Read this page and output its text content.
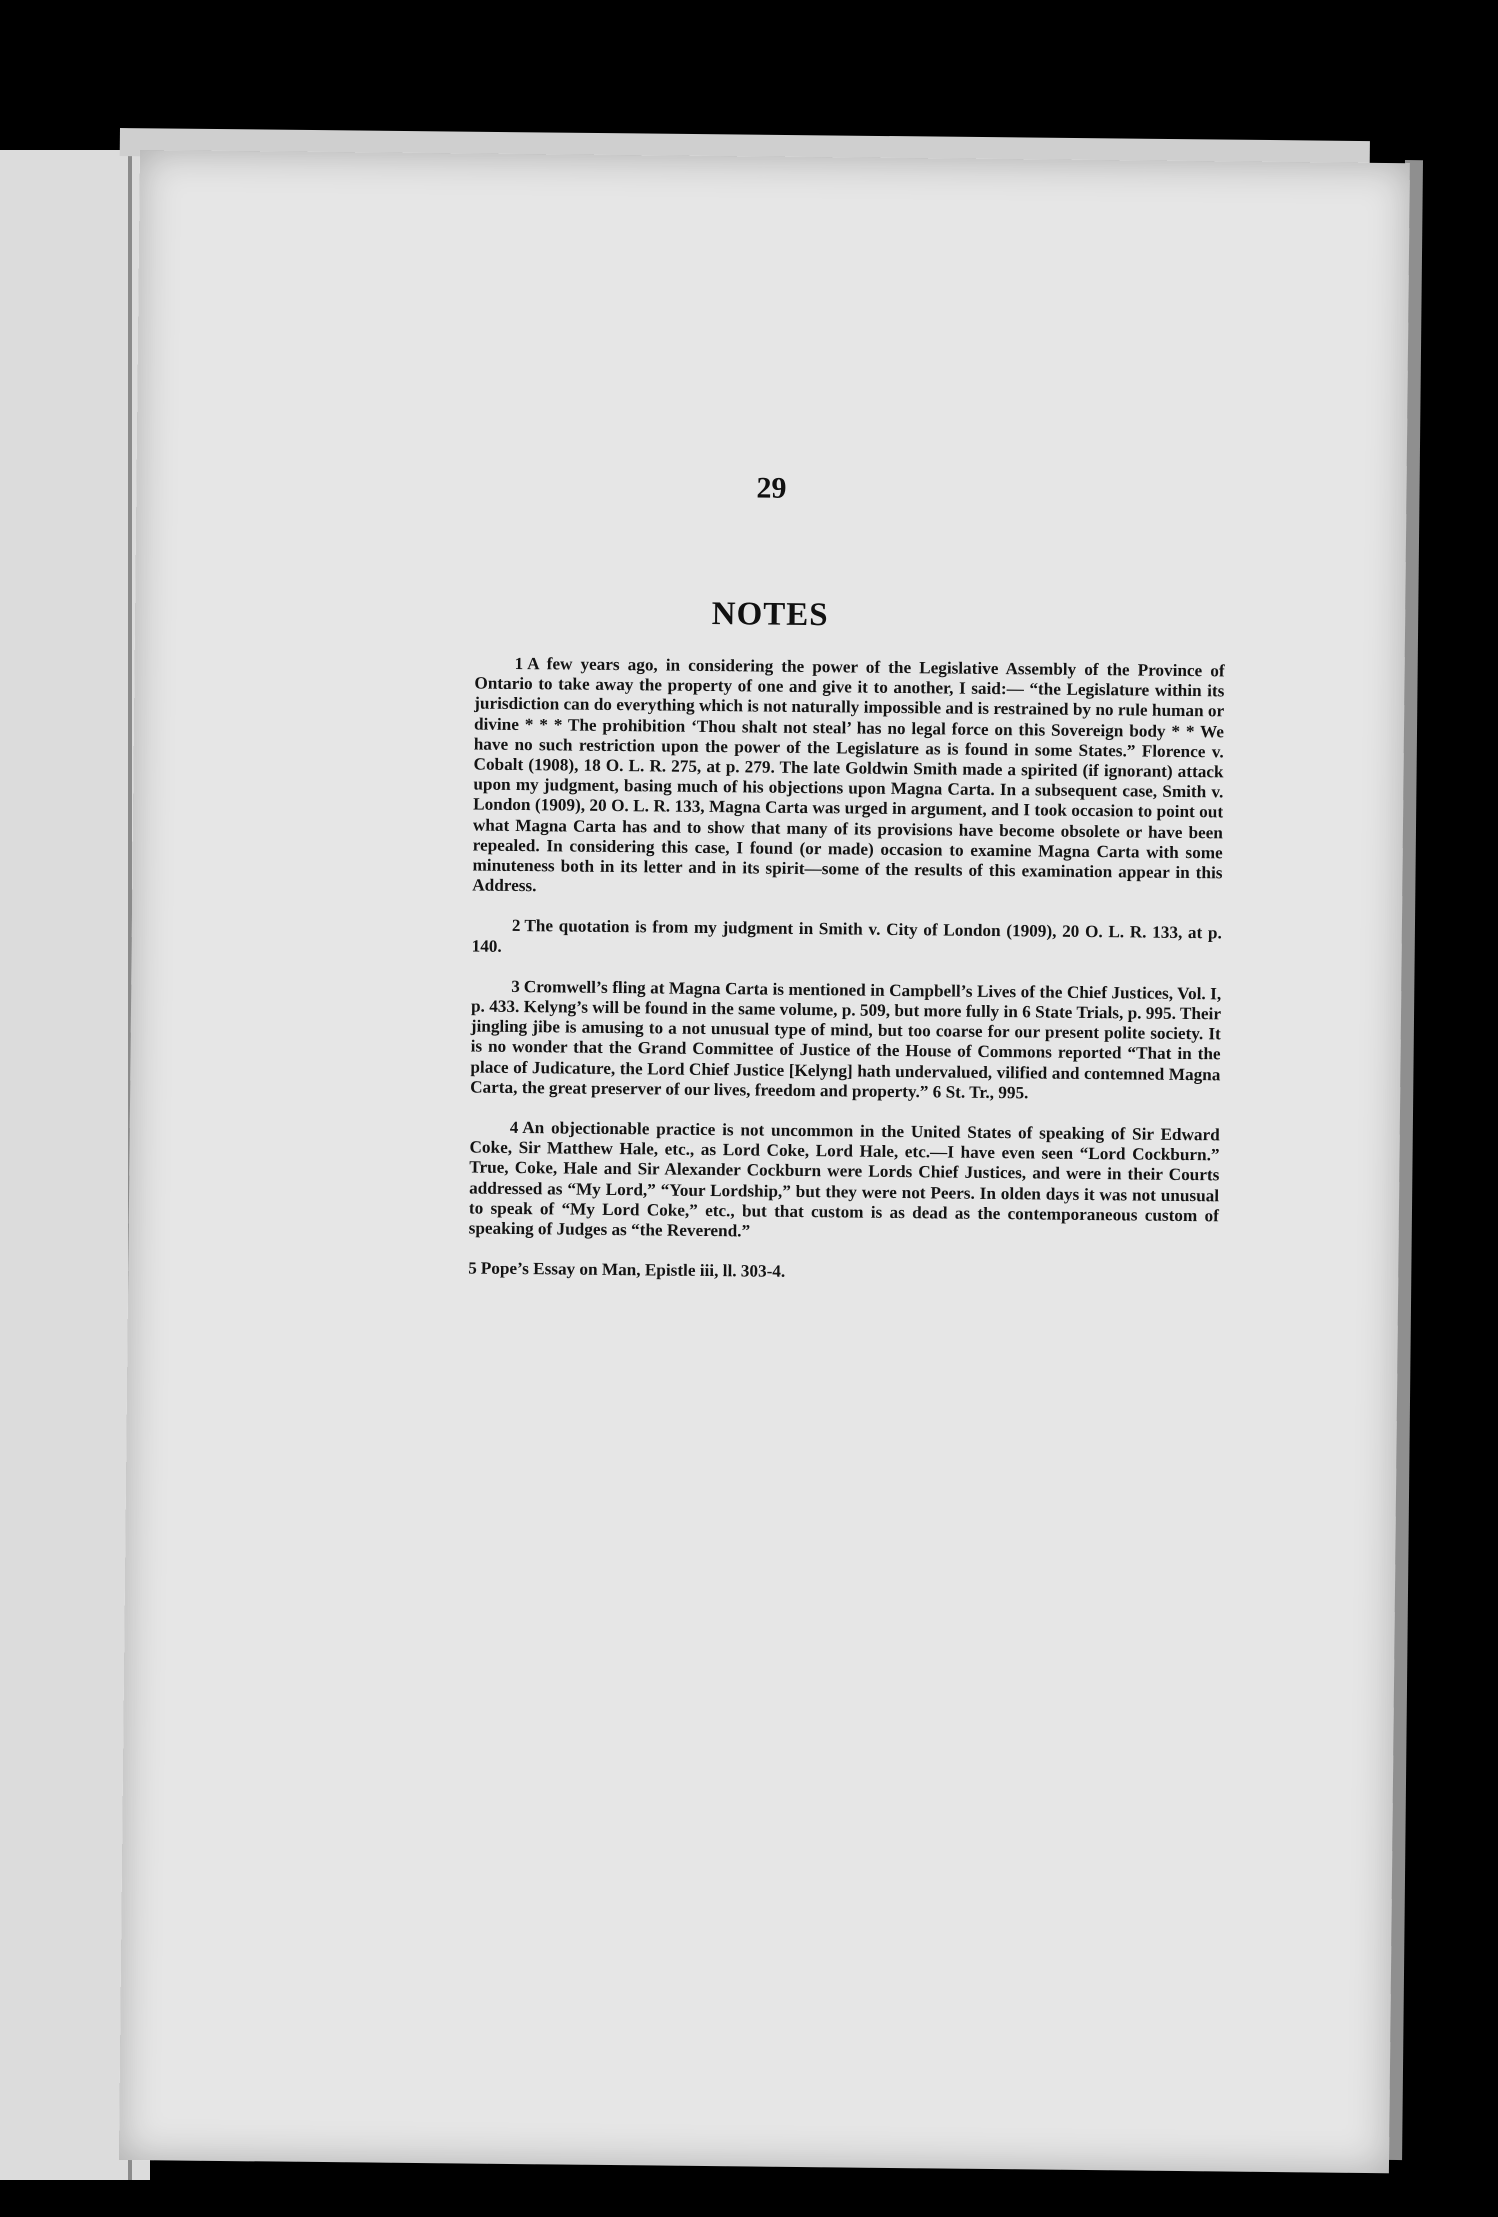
29
NOTES

1 A few years ago, in considering the power of the Legislative Assembly of the Province of Ontario to take away the property of one and give it to another, I said:— “the Legislature within its jurisdiction can do everything which is not naturally impossible and is restrained by no rule human or divine * * * The prohibition ‘Thou shalt not steal’ has no legal force on this Sovereign body * * We have no such restriction upon the power of the Legislature as is found in some States.” Florence v. Cobalt (1908), 18 O. L. R. 275, at p. 279. The late Goldwin Smith made a spirited (if ignorant) attack upon my judgment, basing much of his objections upon Magna Carta. In a subsequent case, Smith v. London (1909), 20 O. L. R. 133, Magna Carta was urged in argument, and I took occasion to point out what Magna Carta has and to show that many of its provisions have become obsolete or have been repealed. In considering this case, I found (or made) occasion to examine Magna Carta with some minuteness both in its letter and in its spirit—some of the results of this examination appear in this Address.

2 The quotation is from my judgment in Smith v. City of London (1909), 20 O. L. R. 133, at p. 140.

3 Cromwell’s fling at Magna Carta is mentioned in Campbell’s Lives of the Chief Justices, Vol. I, p. 433. Kelyng’s will be found in the same volume, p. 509, but more fully in 6 State Trials, p. 995. Their jingling jibe is amusing to a not unusual type of mind, but too coarse for our present polite society. It is no wonder that the Grand Committee of Justice of the House of Commons reported “That in the place of Judicature, the Lord Chief Justice [Kelyng] hath undervalued, vilified and contemned Magna Carta, the great preserver of our lives, freedom and property.” 6 St. Tr., 995.

4 An objectionable practice is not uncommon in the United States of speaking of Sir Edward Coke, Sir Matthew Hale, etc., as Lord Coke, Lord Hale, etc.—I have even seen “Lord Cockburn.” True, Coke, Hale and Sir Alexander Cockburn were Lords Chief Justices, and were in their Courts addressed as “My Lord,” “Your Lordship,” but they were not Peers. In olden days it was not unusual to speak of “My Lord Coke,” etc., but that custom is as dead as the contemporaneous custom of speaking of Judges as “the Reverend.”

5 Pope’s Essay on Man, Epistle iii, ll. 303-4.
